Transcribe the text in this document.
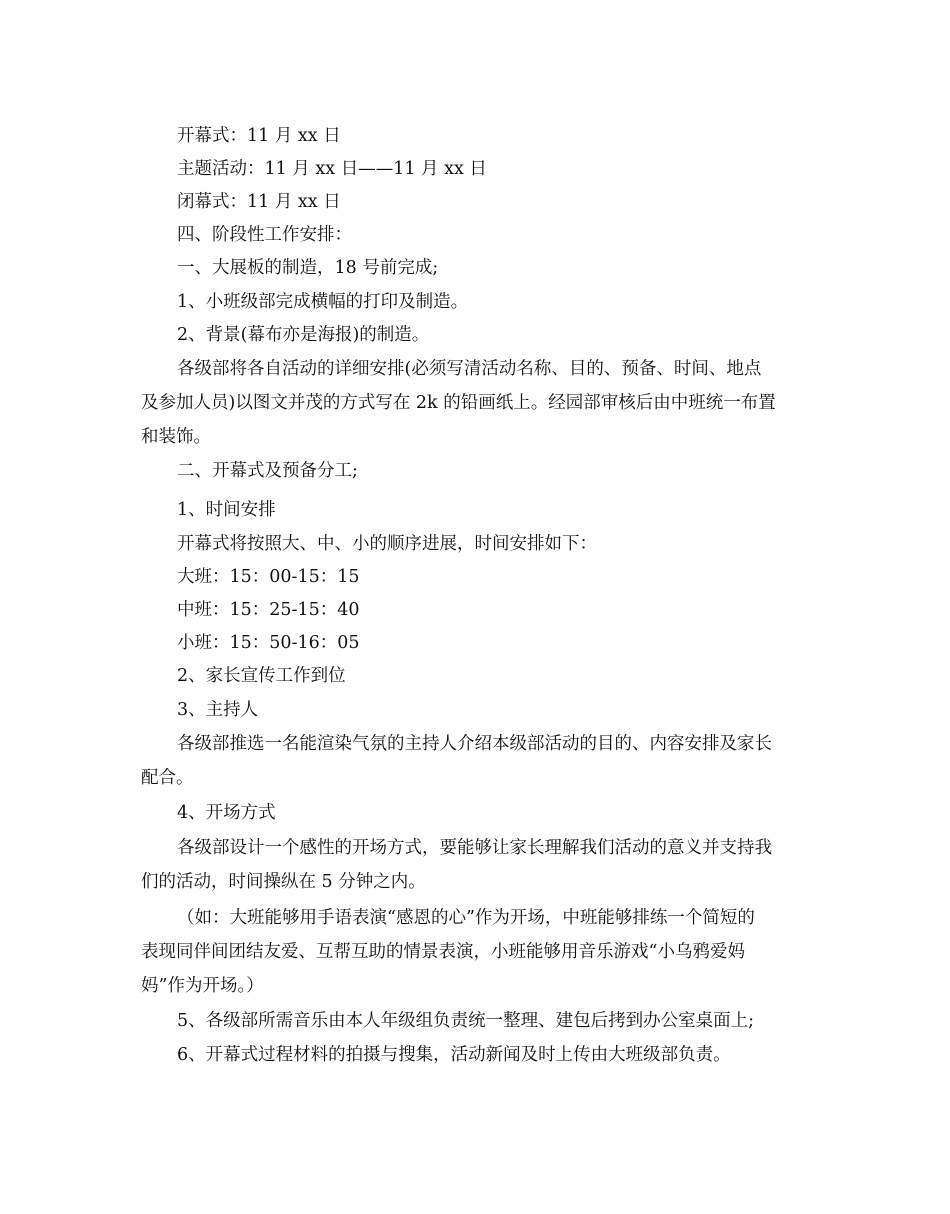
开幕式：11 月 xx 日
主题活动：11 月 xx 日——11 月 xx 日
闭幕式：11 月 xx 日
四、阶段性工作安排：
一、大展板的制造，18 号前完成;
1、小班级部完成横幅的打印及制造。
2、背景(幕布亦是海报)的制造。
各级部将各自活动的详细安排(必须写清活动名称、目的、预备、时间、地点
及参加人员)以图文并茂的方式写在 2k 的铅画纸上。经园部审核后由中班统一布置
和装饰。
二、开幕式及预备分工;
1、时间安排
开幕式将按照大、中、小的顺序进展，时间安排如下：
大班：15：00-15：15
中班：15：25-15：40
小班：15：50-16：05
2、家长宣传工作到位
3、主持人
各级部推选一名能渲染气氛的主持人介绍本级部活动的目的、内容安排及家长
配合。
4、开场方式
各级部设计一个感性的开场方式，要能够让家长理解我们活动的意义并支持我
们的活动，时间操纵在 5 分钟之内。
（如：大班能够用手语表演“感恩的心”作为开场，中班能够排练一个简短的
表现同伴间团结友爱、互帮互助的情景表演，小班能够用音乐游戏“小乌鸦爱妈
妈”作为开场。）
5、各级部所需音乐由本人年级组负责统一整理、建包后拷到办公室桌面上;
6、开幕式过程材料的拍摄与搜集，活动新闻及时上传由大班级部负责。
